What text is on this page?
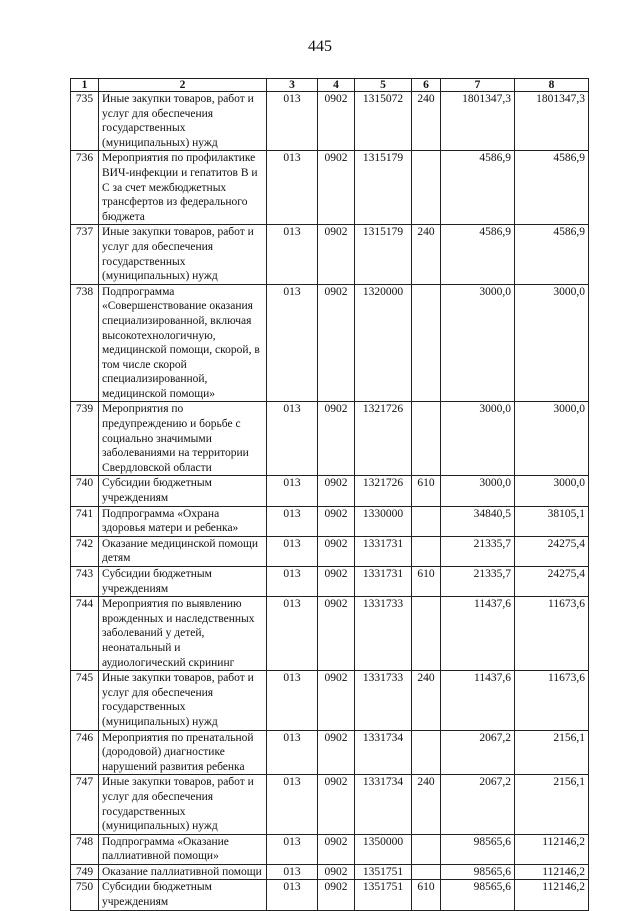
445
1	2	3	4	5	6	7	8
735	Иные закупки товаров, работ и услуг для обеспечения государственных (муниципальных) нужд	013	0902	1315072	240	1801347,3	1801347,3
736	Мероприятия по профилактике ВИЧ-инфекции и гепатитов В и С за счет межбюджетных трансфертов из федерального бюджета	013	0902	1315179		4586,9	4586,9
737	Иные закупки товаров, работ и услуг для обеспечения государственных (муниципальных) нужд	013	0902	1315179	240	4586,9	4586,9
738	Подпрограмма «Совершенствование оказания специализированной, включая высокотехнологичную, медицинской помощи, скорой, в том числе скорой специализированной, медицинской помощи»	013	0902	1320000		3000,0	3000,0
739	Мероприятия по предупреждению и борьбе с социально значимыми заболеваниями на территории Свердловской области	013	0902	1321726		3000,0	3000,0
740	Субсидии бюджетным учреждениям	013	0902	1321726	610	3000,0	3000,0
741	Подпрограмма «Охрана здоровья матери и ребенка»	013	0902	1330000		34840,5	38105,1
742	Оказание медицинской помощи детям	013	0902	1331731		21335,7	24275,4
743	Субсидии бюджетным учреждениям	013	0902	1331731	610	21335,7	24275,4
744	Мероприятия по выявлению врожденных и наследственных заболеваний у детей, неонатальный и аудиологический скрининг	013	0902	1331733		11437,6	11673,6
745	Иные закупки товаров, работ и услуг для обеспечения государственных (муниципальных) нужд	013	0902	1331733	240	11437,6	11673,6
746	Мероприятия по пренатальной (дородовой) диагностике нарушений развития ребенка	013	0902	1331734		2067,2	2156,1
747	Иные закупки товаров, работ и услуг для обеспечения государственных (муниципальных) нужд	013	0902	1331734	240	2067,2	2156,1
748	Подпрограмма «Оказание паллиативной помощи»	013	0902	1350000		98565,6	112146,2
749	Оказание паллиативной помощи	013	0902	1351751		98565,6	112146,2
750	Субсидии бюджетным учреждениям	013	0902	1351751	610	98565,6	112146,2
